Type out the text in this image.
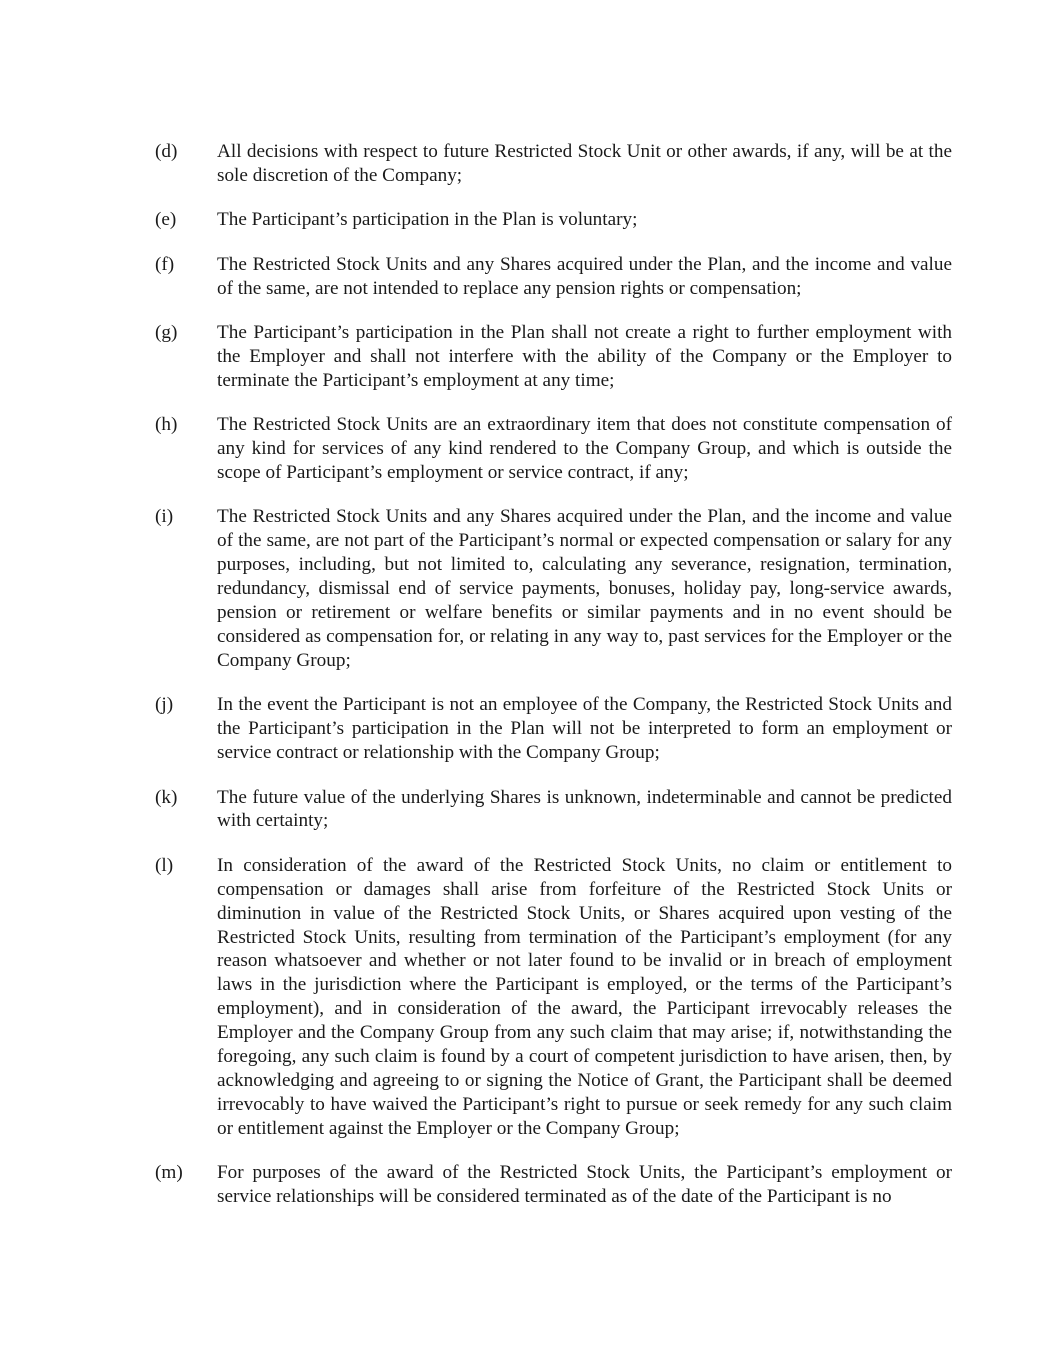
(d)	All decisions with respect to future Restricted Stock Unit or other awards, if any, will be at the sole discretion of the Company;
(e)	The Participant’s participation in the Plan is voluntary;
(f)	The Restricted Stock Units and any Shares acquired under the Plan, and the income and value of the same, are not intended to replace any pension rights or compensation;
(g)	The Participant’s participation in the Plan shall not create a right to further employment with the Employer and shall not interfere with the ability of the Company or the Employer to terminate the Participant’s employment at any time;
(h)	The Restricted Stock Units are an extraordinary item that does not constitute compensation of any kind for services of any kind rendered to the Company Group, and which is outside the scope of Participant’s employment or service contract, if any;
(i)	The Restricted Stock Units and any Shares acquired under the Plan, and the income and value of the same, are not part of the Participant’s normal or expected compensation or salary for any purposes, including, but not limited to, calculating any severance, resignation, termination, redundancy, dismissal end of service payments, bonuses, holiday pay, long-service awards, pension or retirement or welfare benefits or similar payments and in no event should be considered as compensation for, or relating in any way to, past services for the Employer or the Company Group;
(j)	In the event the Participant is not an employee of the Company, the Restricted Stock Units and the Participant’s participation in the Plan will not be interpreted to form an employment or service contract or relationship with the Company Group;
(k)	The future value of the underlying Shares is unknown, indeterminable and cannot be predicted with certainty;
(l)	In consideration of the award of the Restricted Stock Units, no claim or entitlement to compensation or damages shall arise from forfeiture of the Restricted Stock Units or diminution in value of the Restricted Stock Units, or Shares acquired upon vesting of the Restricted Stock Units, resulting from termination of the Participant’s employment (for any reason whatsoever and whether or not later found to be invalid or in breach of employment laws in the jurisdiction where the Participant is employed, or the terms of the Participant’s employment), and in consideration of the award, the Participant irrevocably releases the Employer and the Company Group from any such claim that may arise; if, notwithstanding the foregoing, any such claim is found by a court of competent jurisdiction to have arisen, then, by acknowledging and agreeing to or signing the Notice of Grant, the Participant shall be deemed irrevocably to have waived the Participant’s right to pursue or seek remedy for any such claim or entitlement against the Employer or the Company Group;
(m)	For purposes of the award of the Restricted Stock Units, the Participant’s employment or service relationships will be considered terminated as of the date of the Participant is no
